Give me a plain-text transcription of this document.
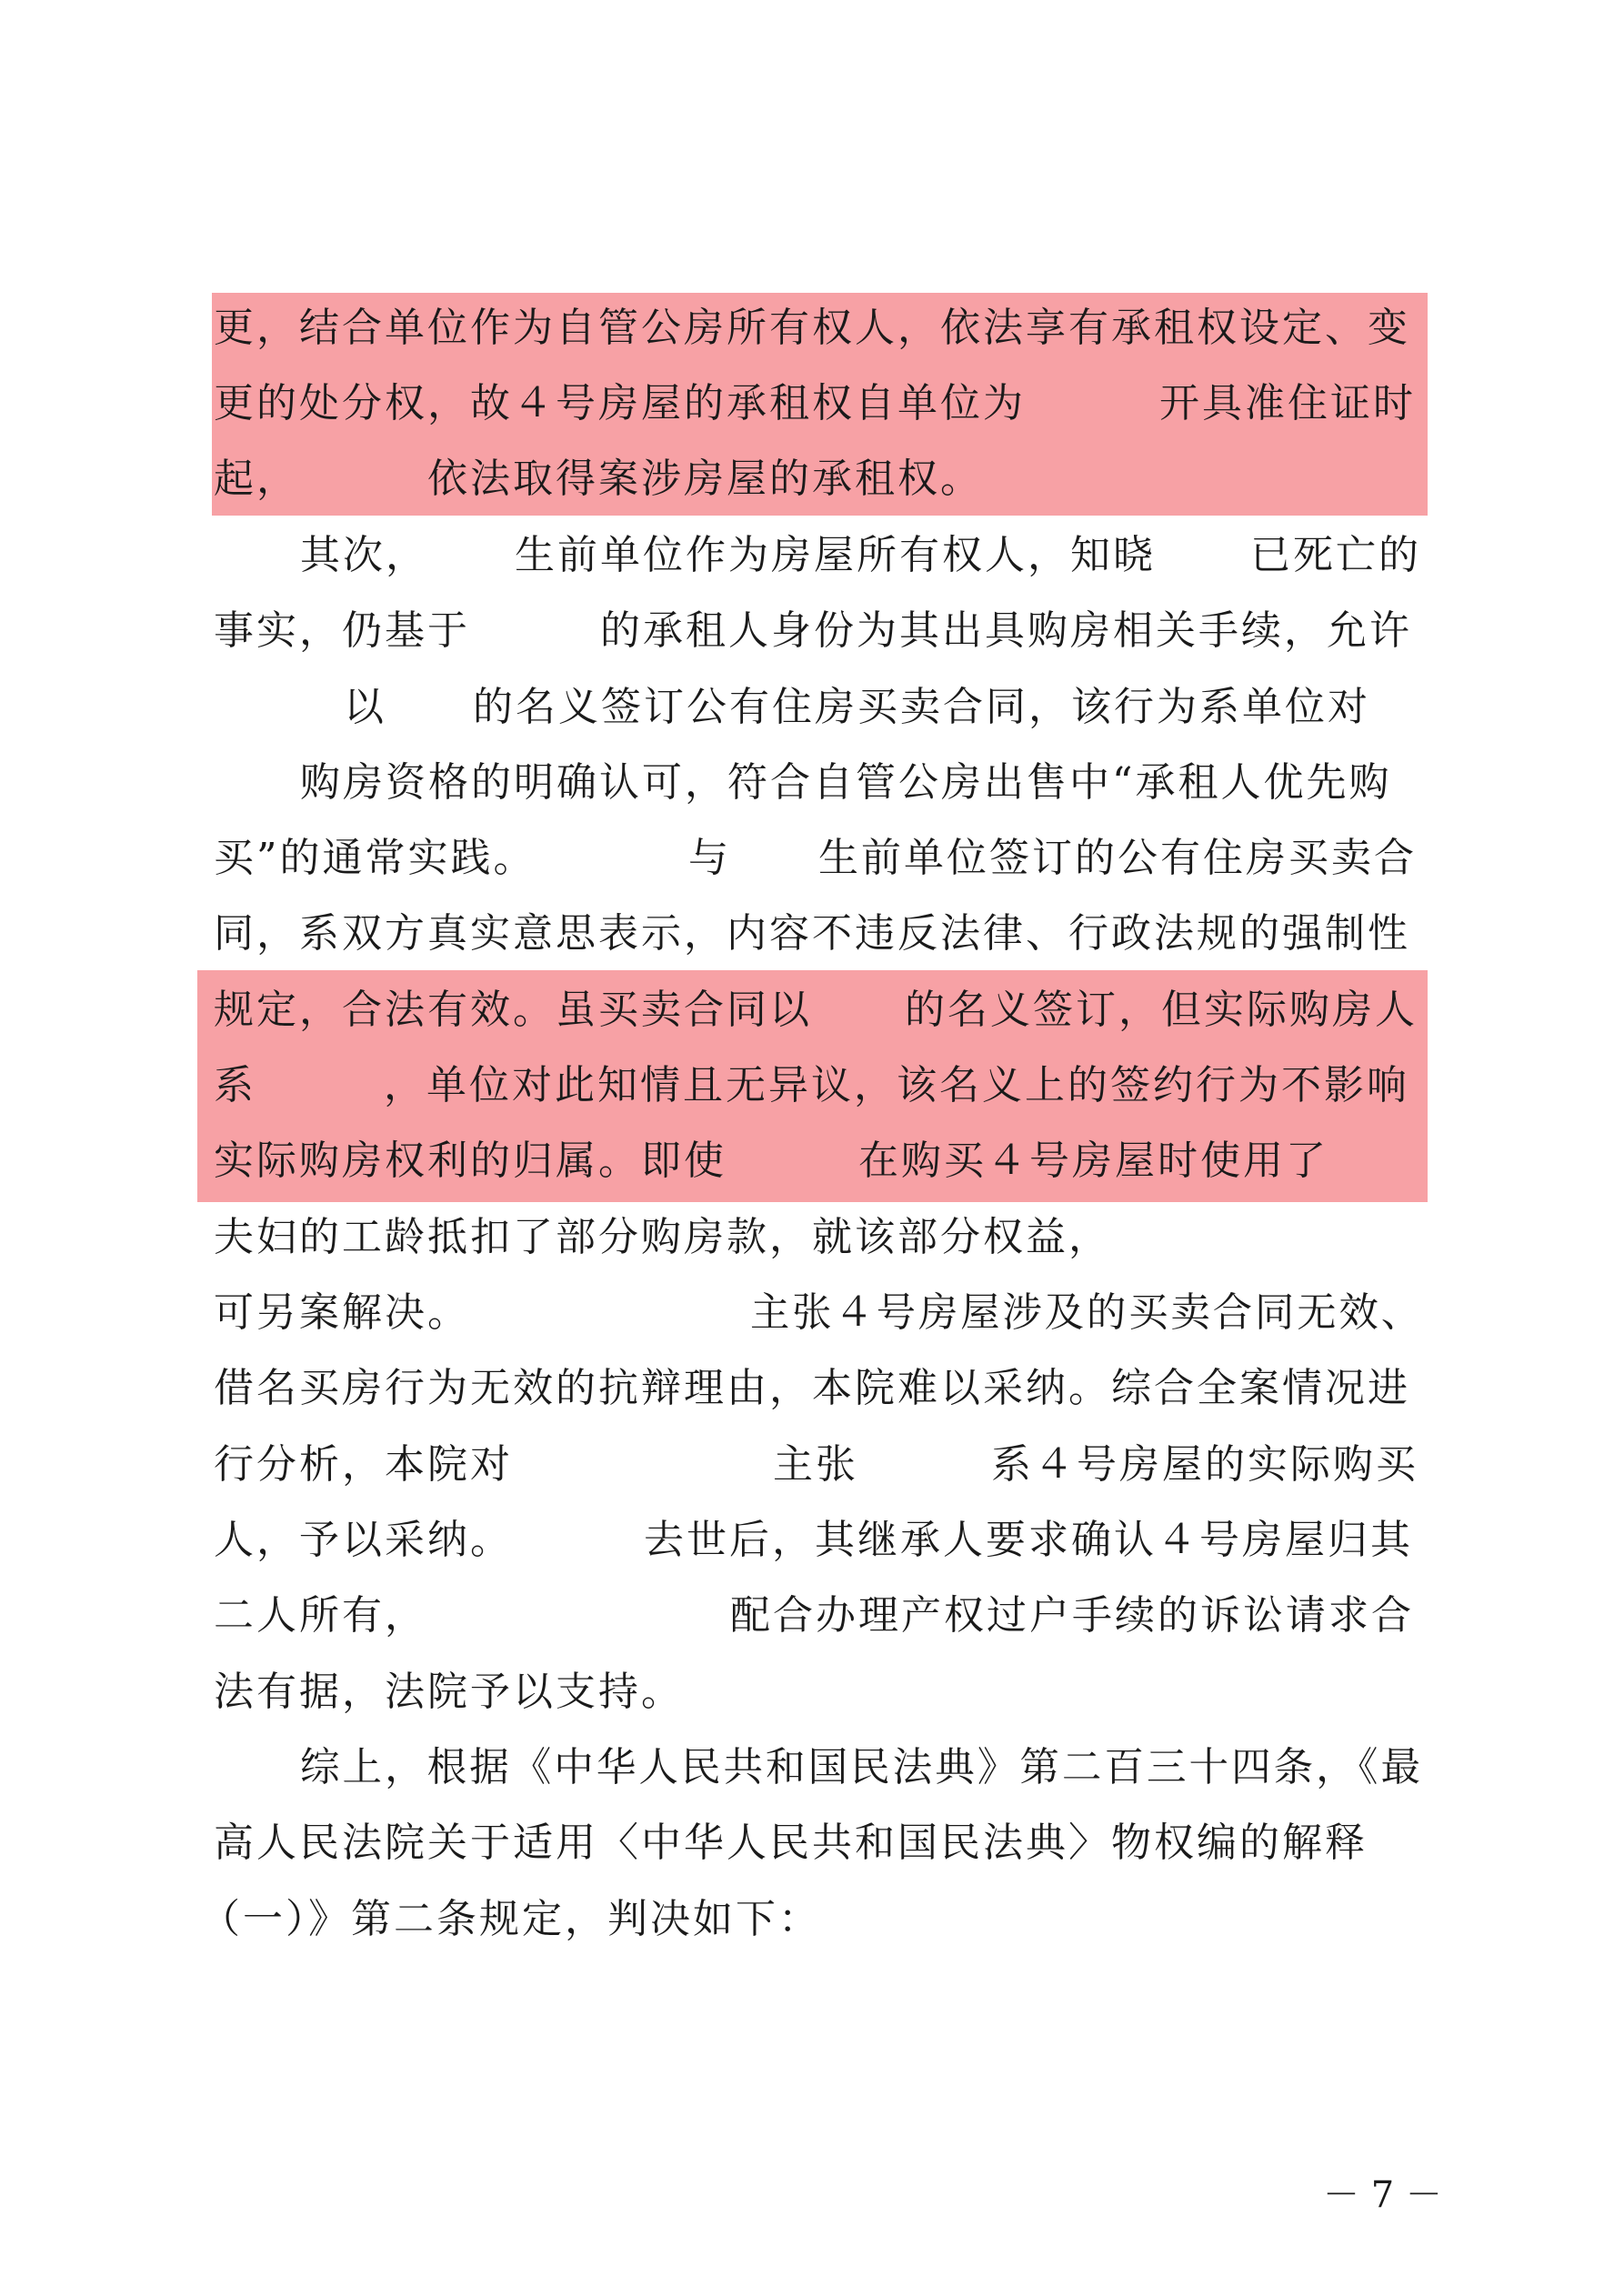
更，结合单位作为自管公房所有权人，依法享有承租权设定、变
更的处分权，故４号房屋的承租权自单位为	开具准住证时
起，	依法取得案涉房屋的承租权。
其次， 生前单位作为房屋所有权人，知晓 已死亡的
事实，仍基于	的承租人身份为其出具购房相关手续，允许
以 的名义签订公有住房买卖合同，该行为系单位对
购房资格的明确认可，符合自管公房出售中“承租人优先购
买”的通常实践。	与 生前单位签订的公有住房买卖合
同，系双方真实意思表示，内容不违反法律、行政法规的强制性
规定，合法有效。虽买卖合同以 的名义签订，但实际购房人
系	，单位对此知情且无异议，该名义上的签约行为不影响
实际购房权利的归属。即使	在购买４号房屋时使用了
夫妇的工龄抵扣了部分购房款，就该部分权益，
可另案解决。	主张４号房屋涉及的买卖合同无效、
借名买房行为无效的抗辩理由，本院难以采纳。综合全案情况进
行分析，本院对	主张	系４号房屋的实际购买
人，予以采纳。	去世后，其继承人要求确认４号房屋归其
二人所有，	配合办理产权过户手续的诉讼请求合
法有据，法院予以支持。
综上，根据《中华人民共和国民法典》第二百三十四条，《最
高人民法院关于适用〈中华人民共和国民法典〉物权编的解释
（一）》第二条规定，判决如下：
－ 7 －
